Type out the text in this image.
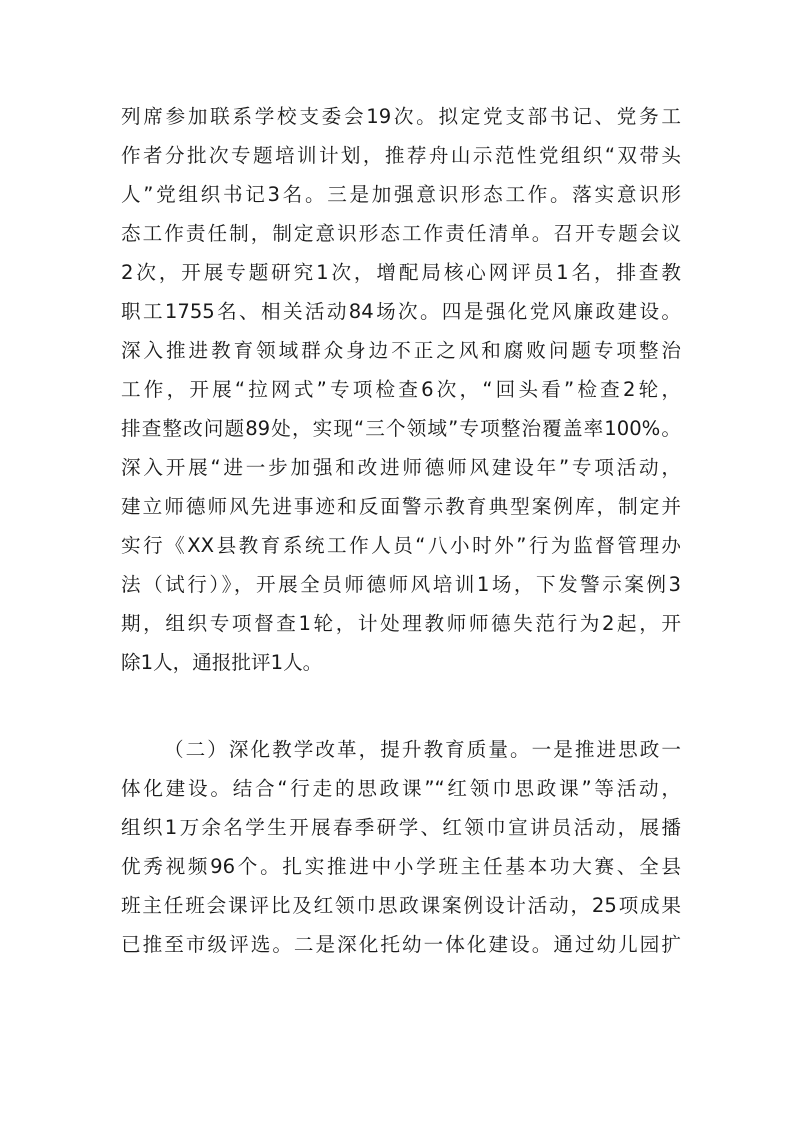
列席参加联系学校支委会19次。拟定党支部书记、党务工
作者分批次专题培训计划，推荐舟山示范性党组织“双带头
人”党组织书记3名。三是加强意识形态工作。落实意识形
态工作责任制，制定意识形态工作责任清单。召开专题会议
2次，开展专题研究1次，增配局核心网评员1名，排查教
职工1755名、相关活动84场次。四是强化党风廉政建设。
深入推进教育领域群众身边不正之风和腐败问题专项整治
工作，开展“拉网式”专项检查6次，“回头看”检查2轮，
排查整改问题89处，实现“三个领域”专项整治覆盖率100%。
深入开展“进一步加强和改进师德师风建设年”专项活动，
建立师德师风先进事迹和反面警示教育典型案例库，制定并
实行《XX县教育系统工作人员“八小时外”行为监督管理办
法（试行）》，开展全员师德师风培训1场，下发警示案例3
期，组织专项督查1轮，计处理教师师德失范行为2起，开
除1人，通报批评1人。
（二）深化教学改革，提升教育质量。一是推进思政一
体化建设。结合“行走的思政课”“红领巾思政课”等活动，
组织1万余名学生开展春季研学、红领巾宣讲员活动，展播
优秀视频96个。扎实推进中小学班主任基本功大赛、全县
班主任班会课评比及红领巾思政课案例设计活动，25项成果
已推至市级评选。二是深化托幼一体化建设。通过幼儿园扩
